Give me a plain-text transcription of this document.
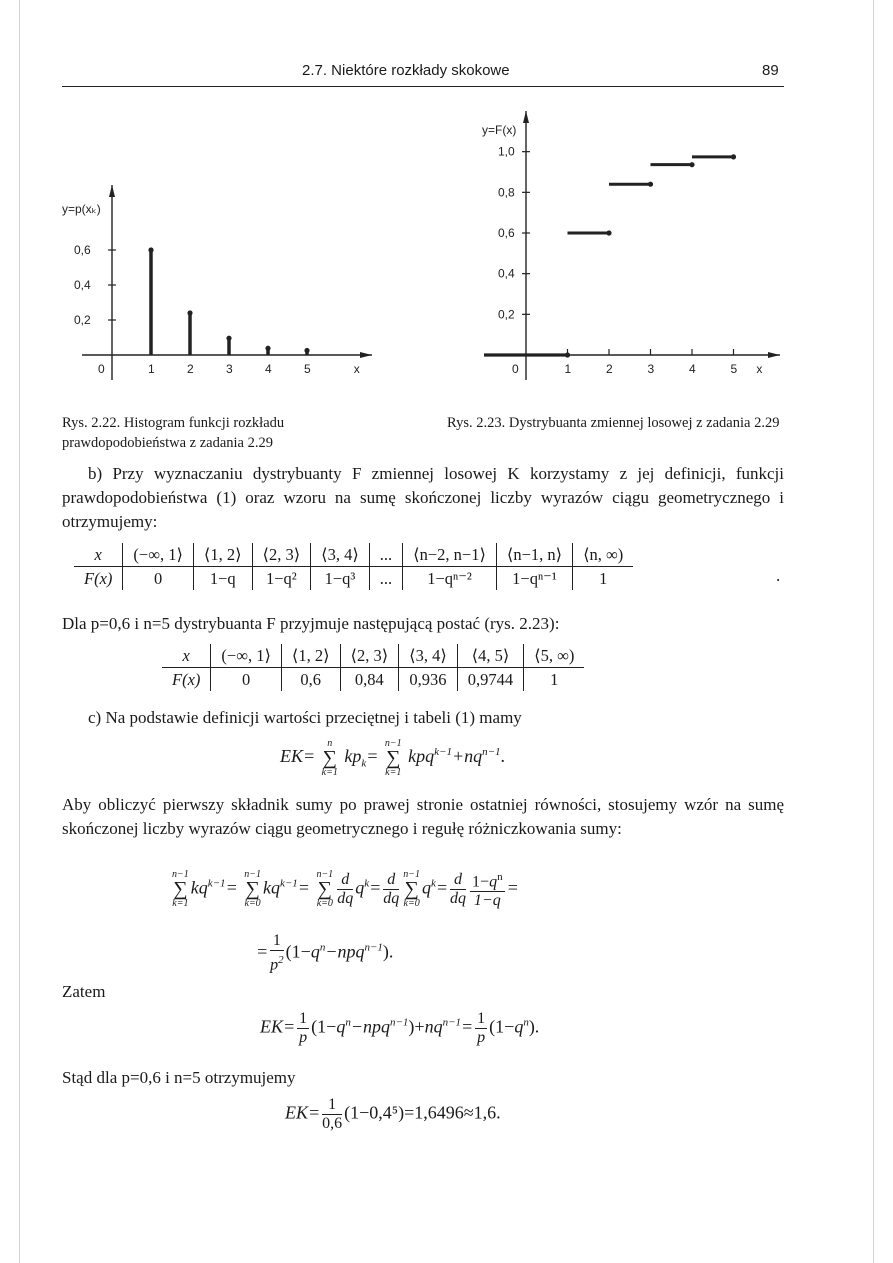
2.7. Niektóre rozkłady skokowe	89
y=p(xₖ)
0,6
0,4
0,2
0	1	2	3	4	5	x
y=F(x)
1,0
0,8
0,6
0,4
0,2
0	1	2	3	4	5 x
Rys. 2.22. Histogram funkcji rozkładu prawdopodobieństwa z zadania 2.29
Rys. 2.23. Dystrybuanta zmiennej losowej z zadania 2.29
b) Przy wyznaczaniu dystrybuanty F zmiennej losowej K korzystamy z jej definicji, funkcji prawdopodobieństwa (1) oraz wzoru na sumę skończonej liczby wyrazów ciągu geometrycznego i otrzymujemy:
x	(−∞, 1⟩	⟨1, 2⟩	⟨2, 3⟩	⟨3, 4⟩	...	⟨n−2, n−1⟩	⟨n−1, n⟩	⟨n, ∞)
F(x)	0	1−q	1−q²	1−q³	...	1−qⁿ⁻²	1−qⁿ⁻¹	1	.
Dla p=0,6 i n=5 dystrybuanta F przyjmuje następującą postać (rys. 2.23):
x	(−∞, 1⟩	⟨1, 2⟩	⟨2, 3⟩	⟨3, 4⟩	⟨4, 5⟩	⟨5, ∞)
F(x)	0	0,6	0,84	0,936	0,9744	1
c) Na podstawie definicji wartości przeciętnej i tabeli (1) mamy
EK=
n
∑
k=1
$kp_k=$
n−1
∑
k=1
$kpq^{k-1}+nq^{n-1}$.
Aby obliczyć pierwszy składnik sumy po prawej stronie ostatniej równości, stosujemy wzór na sumę skończonej liczby wyrazów ciągu geometrycznego i regułę różniczkowania sumy:
n−1
∑
k=1
$kq^{k-1}=$
n−1
∑
k=0
$kq^{k-1}=$
n−1
∑
$k=0 \frac{d}{dq} q^k= \frac{d}{dq} n-1$
∑
k=0
$q^k= \frac{d}{dq} \frac{1-q^n}{1-q}$ =
= $\frac{1}{p^2} (1-q^n-npq^{n-1})$.
Zatem
$EK= \frac{1}{p} (1-q^n-npq^{n-1})+nq^{n-1}= \frac{1}{p} (1-q^n)$.
Stąd dla p=0,6 i n=5 otrzymujemy
$EK= \frac{1}{0,6} (1-0,4^5)=1,6496\approx 1,6$.
